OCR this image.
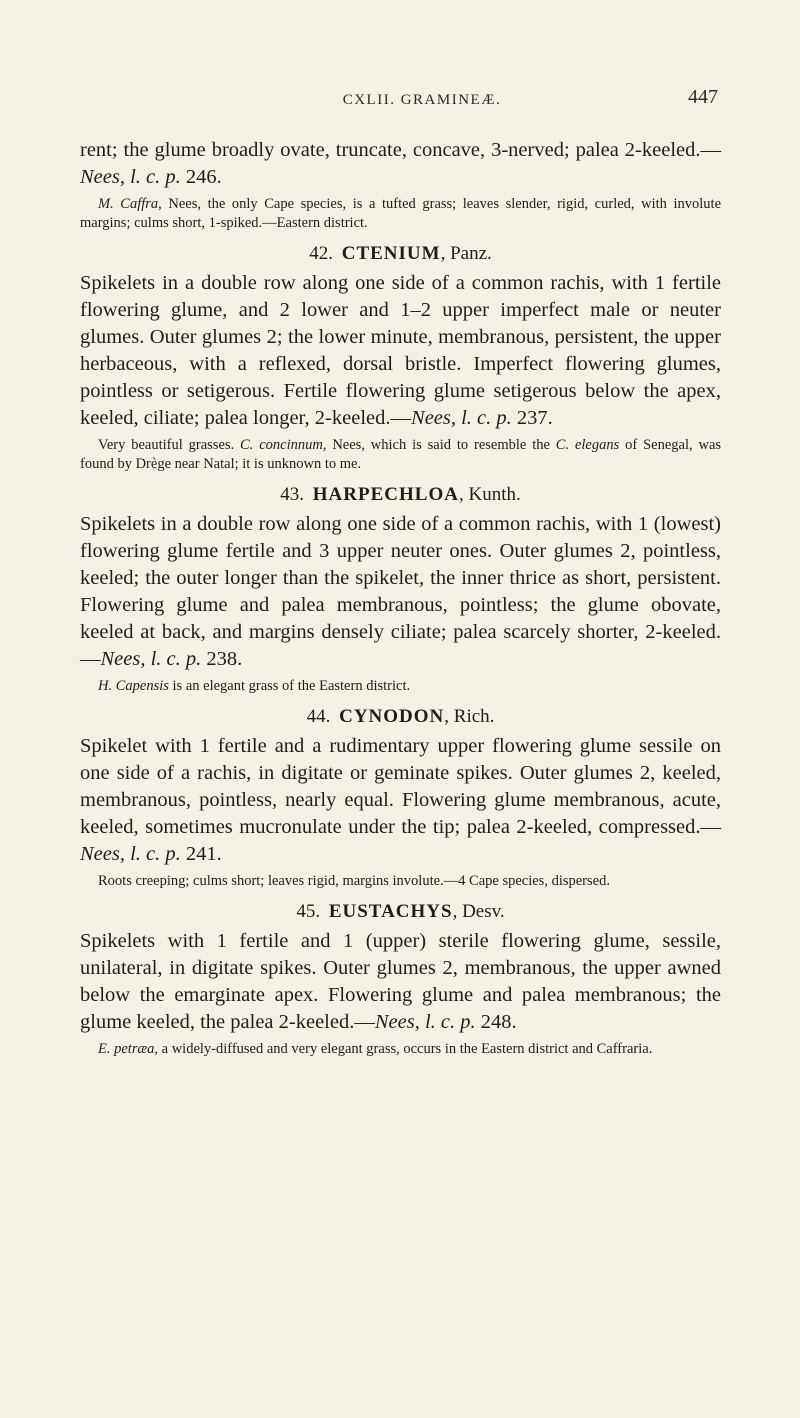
CXLII. GRAMINEÆ.	447

rent; the glume broadly ovate, truncate, concave, 3-nerved; palea 2-keeled.—Nees, l. c. p. 246.

M. Caffra, Nees, the only Cape species, is a tufted grass; leaves slender, rigid, curled, with involute margins; culms short, 1-spiked.—Eastern district.

42. CTENIUM, Panz.

Spikelets in a double row along one side of a common rachis, with 1 fertile flowering glume, and 2 lower and 1–2 upper imperfect male or neuter glumes. Outer glumes 2; the lower minute, membranous, persistent, the upper herbaceous, with a reflexed, dorsal bristle. Imperfect flowering glumes, pointless or setigerous. Fertile flowering glume setigerous below the apex, keeled, ciliate; palea longer, 2-keeled.—Nees, l. c. p. 237.

Very beautiful grasses. C. concinnum, Nees, which is said to resemble the C. elegans of Senegal, was found by Drège near Natal; it is unknown to me.

43. HARPECHLOA, Kunth.

Spikelets in a double row along one side of a common rachis, with 1 (lowest) flowering glume fertile and 3 upper neuter ones. Outer glumes 2, pointless, keeled; the outer longer than the spikelet, the inner thrice as short, persistent. Flowering glume and palea membranous, pointless; the glume obovate, keeled at back, and margins densely ciliate; palea scarcely shorter, 2-keeled.—Nees, l. c. p. 238.

H. Capensis is an elegant grass of the Eastern district.

44. CYNODON, Rich.

Spikelet with 1 fertile and a rudimentary upper flowering glume sessile on one side of a rachis, in digitate or geminate spikes. Outer glumes 2, keeled, membranous, pointless, nearly equal. Flowering glume membranous, acute, keeled, sometimes mucronulate under the tip; palea 2-keeled, compressed.—Nees, l. c. p. 241.

Roots creeping; culms short; leaves rigid, margins involute.—4 Cape species, dispersed.

45. EUSTACHYS, Desv.

Spikelets with 1 fertile and 1 (upper) sterile flowering glume, sessile, unilateral, in digitate spikes. Outer glumes 2, membranous, the upper awned below the emarginate apex. Flowering glume and palea membranous; the glume keeled, the palea 2-keeled.—Nees, l. c. p. 248.

E. petræa, a widely-diffused and very elegant grass, occurs in the Eastern district and Caffraria.
